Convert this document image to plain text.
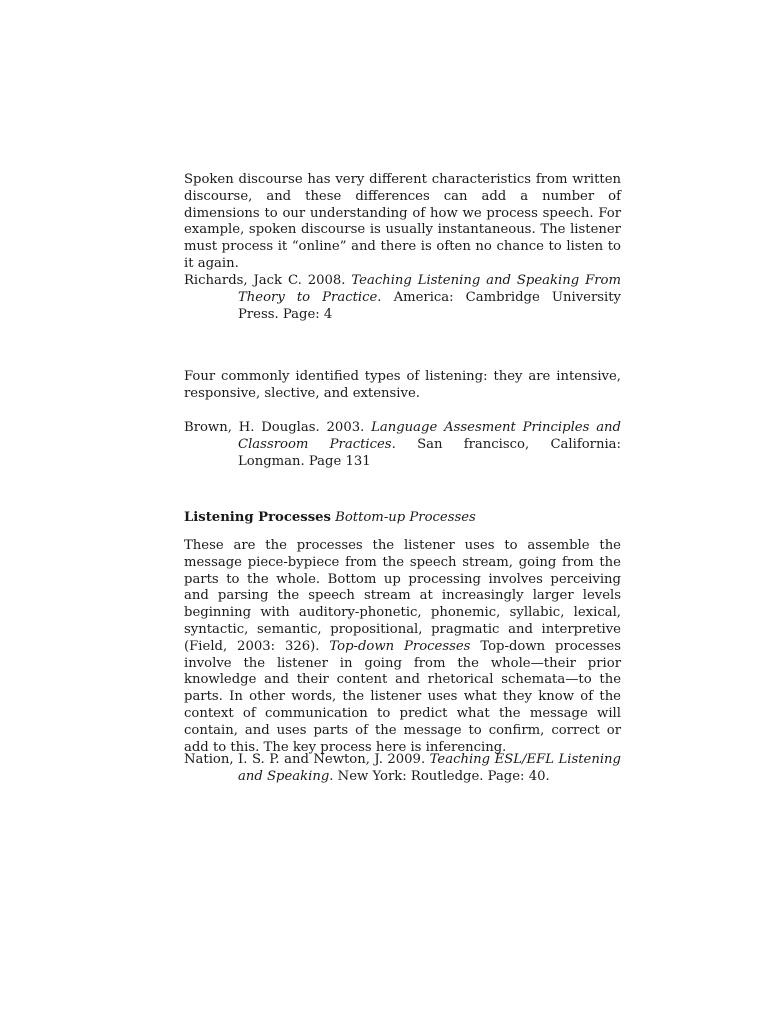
Spoken discourse has very different characteristics from written discourse, and these differences can add a number of dimensions to our understanding of how we process speech. For example, spoken discourse is usually instantaneous. The listener must process it “online” and there is often no chance to listen to it again.

Richards, Jack C. 2008. Teaching Listening and Speaking From Theory to Practice. America: Cambridge University Press. Page: 4

Four commonly identified types of listening: they are intensive, responsive, slective, and extensive.

Brown, H. Douglas. 2003. Language Assesment Principles and Classroom Practices. San francisco, California: Longman. Page 131

Listening Processes Bottom-up Processes

These are the processes the listener uses to assemble the message piece-bypiece from the speech stream, going from the parts to the whole. Bottom up processing involves perceiving and parsing the speech stream at increasingly larger levels beginning with auditory-phonetic, phonemic, syllabic, lexical, syntactic, semantic, propositional, pragmatic and interpretive (Field, 2003: 326). Top-down Processes Top-down processes involve the listener in going from the whole—their prior knowledge and their content and rhetorical schemata—to the parts. In other words, the listener uses what they know of the context of communication to predict what the message will contain, and uses parts of the message to confirm, correct or add to this. The key process here is inferencing.

Nation, I. S. P. and Newton, J. 2009. Teaching ESL/EFL Listening and Speaking. New York: Routledge. Page: 40.
